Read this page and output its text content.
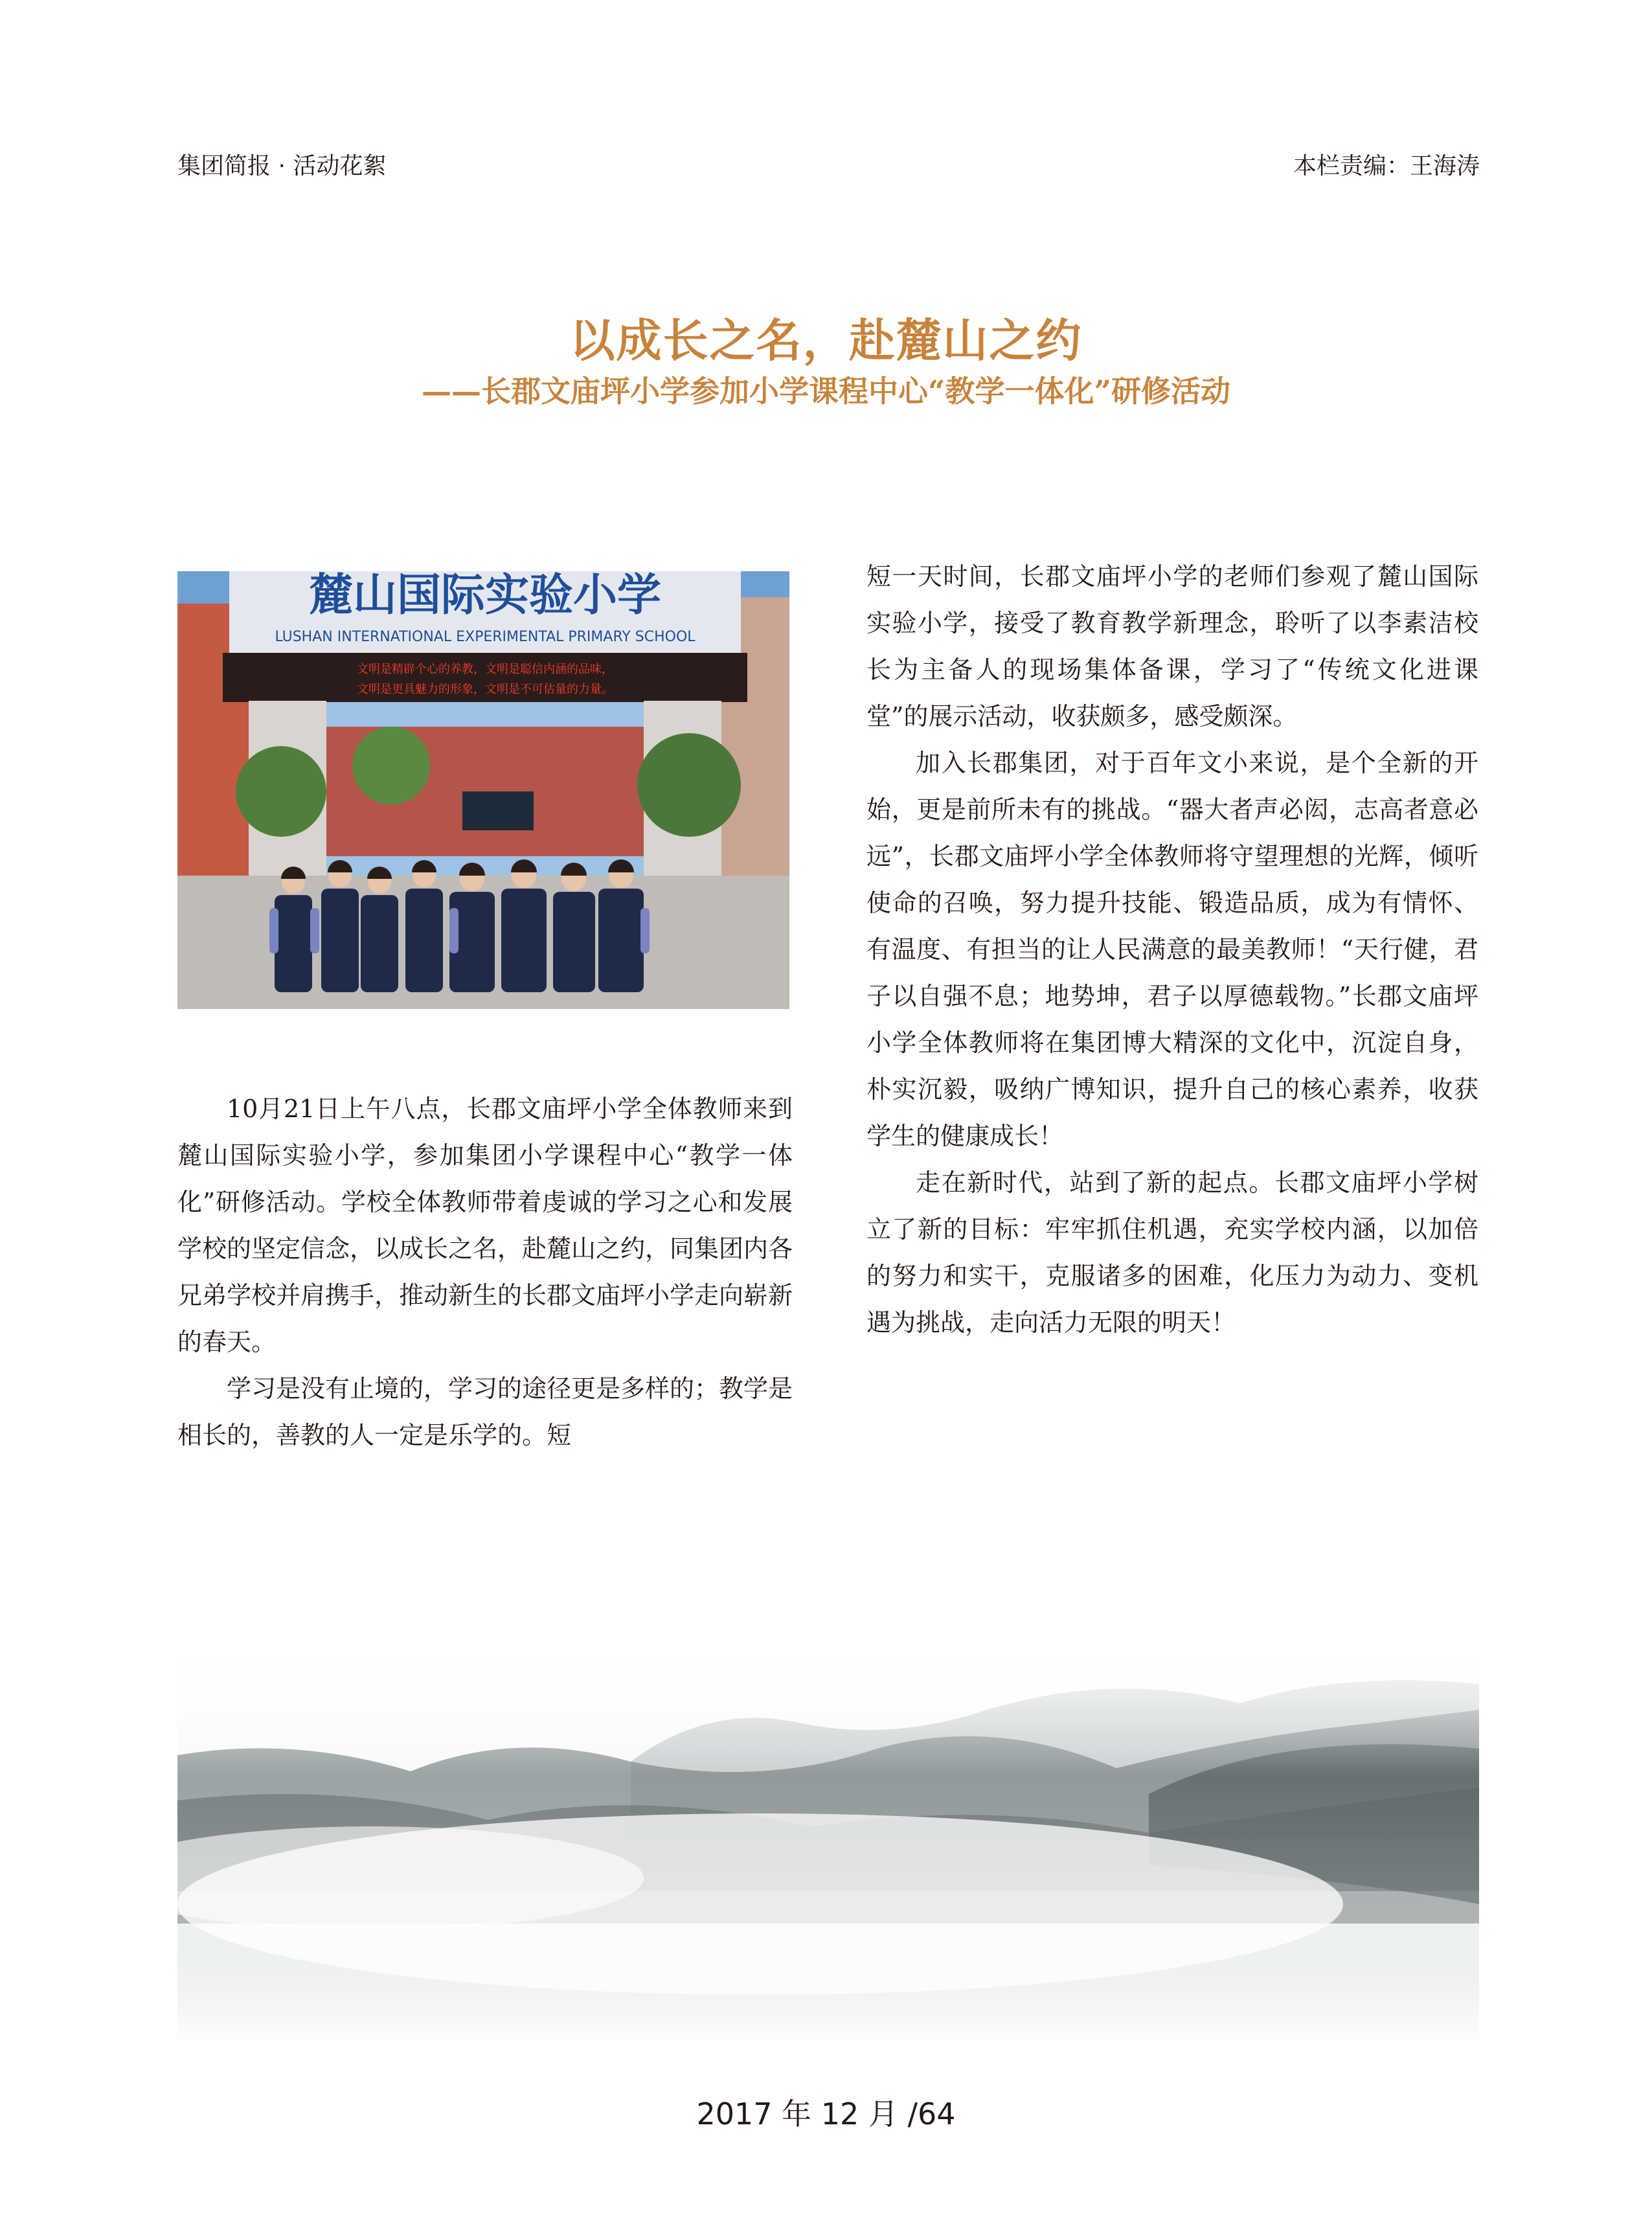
集团简报 · 活动花絮	本栏责编：王海涛
以成长之名，赴麓山之约
——长郡文庙坪小学参加小学课程中心“教学一体化”研修活动
麓山国际实验小学
LUSHAN INTERNATIONAL EXPERIMENTAL PRIMARY SCHOOL
文明是精辟个心的养教，文明是聪信内涵的品味，
文明是更具魅力的形象，文明是不可估量的力量。

10月21日上午八点，长郡文庙坪小学全体教师来到麓山国际实验小学，参加集团小学课程中心“教学一体化”研修活动。学校全体教师带着虔诚的学习之心和发展学校的坚定信念，以成长之名，赴麓山之约，同集团内各兄弟学校并肩携手，推动新生的长郡文庙坪小学走向崭新的春天。

学习是没有止境的，学习的途径更是多样的；教学是相长的，善教的人一定是乐学的。短

短一天时间，长郡文庙坪小学的老师们参观了麓山国际实验小学，接受了教育教学新理念，聆听了以李素洁校长为主备人的现场集体备课，学习了“传统文化进课堂”的展示活动，收获颇多，感受颇深。

加入长郡集团，对于百年文小来说，是个全新的开始，更是前所未有的挑战。“器大者声必闳，志高者意必远”，长郡文庙坪小学全体教师将守望理想的光辉，倾听使命的召唤，努力提升技能、锻造品质，成为有情怀、有温度、有担当的让人民满意的最美教师！“天行健，君子以自强不息；地势坤，君子以厚德载物。”长郡文庙坪小学全体教师将在集团博大精深的文化中，沉淀自身，朴实沉毅，吸纳广博知识，提升自己的核心素养，收获学生的健康成长！

走在新时代，站到了新的起点。长郡文庙坪小学树立了新的目标：牢牢抓住机遇，充实学校内涵，以加倍的努力和实干，克服诸多的困难，化压力为动力、变机遇为挑战，走向活力无限的明天！

2017 年 12 月 /64
